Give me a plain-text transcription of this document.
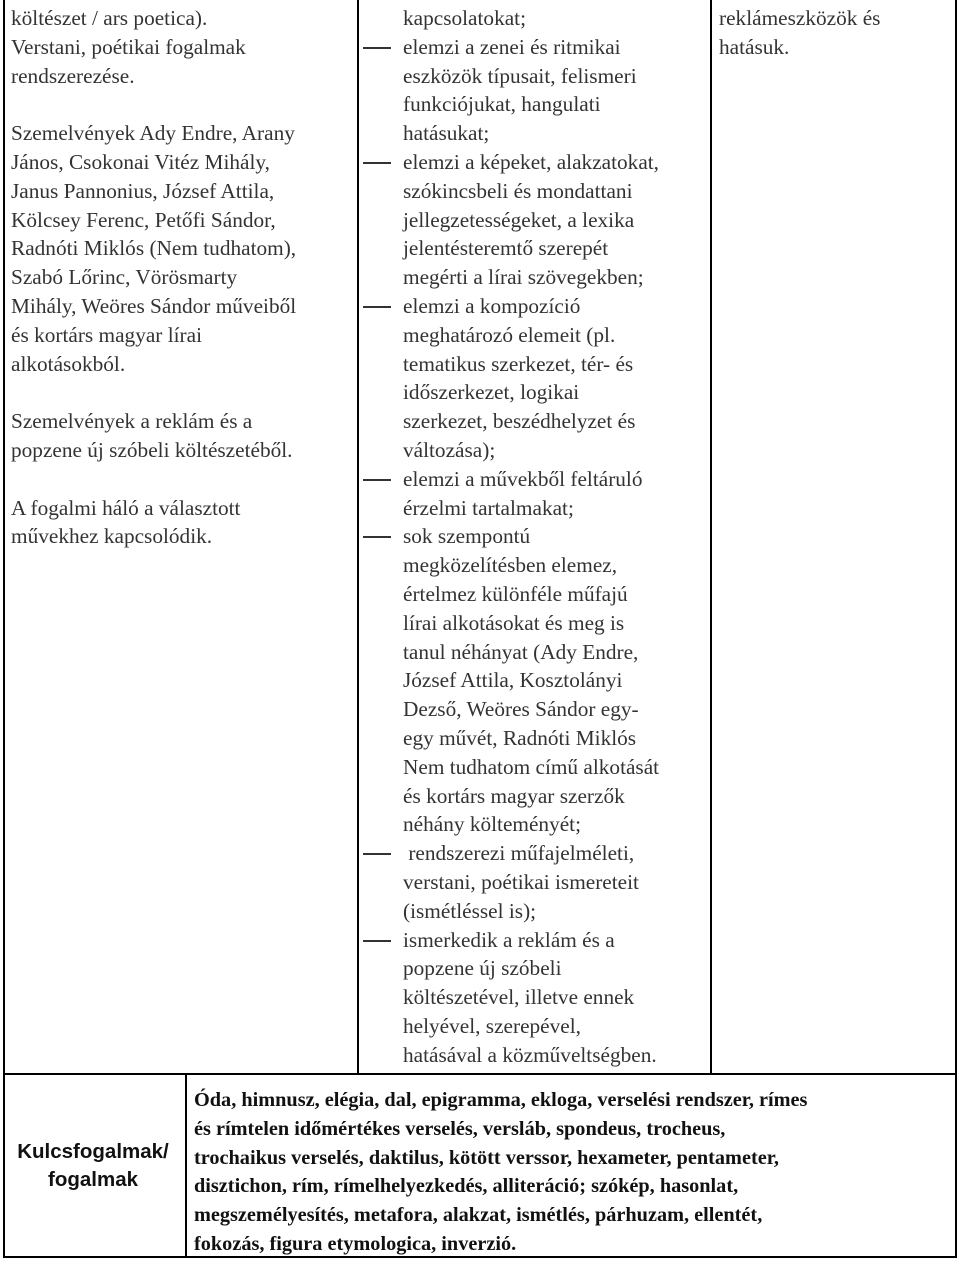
költészet / ars poetica).
Verstani, poétikai fogalmak
rendszerezése.

Szemelvények Ady Endre, Arany
János, Csokonai Vitéz Mihály,
Janus Pannonius, József Attila,
Kölcsey Ferenc, Petőfi Sándor,
Radnóti Miklós (Nem tudhatom),
Szabó Lőrinc, Vörösmarty
Mihály, Weöres Sándor műveiből
és kortárs magyar lírai
alkotásokból.

Szemelvények a reklám és a
popzene új szóbeli költészetéből.

A fogalmi háló a választott
művekhez kapcsolódik.

kapcsolatokat;
elemzi a zenei és ritmikai
eszközök típusait, felismeri
funkciójukat, hangulati
hatásukat;
elemzi a képeket, alakzatokat,
szókincsbeli és mondattani
jellegzetességeket, a lexika
jelentésteremtő szerepét
megérti a lírai szövegekben;
elemzi a kompozíció
meghatározó elemeit (pl.
tematikus szerkezet, tér- és
időszerkezet, logikai
szerkezet, beszédhelyzet és
változása);
elemzi a művekből feltáruló
érzelmi tartalmakat;
sok szempontú
megközelítésben elemez,
értelmez különféle műfajú
lírai alkotásokat és meg is
tanul néhányat (Ady Endre,
József Attila, Kosztolányi
Dezső, Weöres Sándor egy-
egy művét, Radnóti Miklós
Nem tudhatom című alkotását
és kortárs magyar szerzők
néhány költeményét;
rendszerezi műfajelméleti,
verstani, poétikai ismereteit
(ismétléssel is);
ismerkedik a reklám és a
popzene új szóbeli
költészetével, illetve ennek
helyével, szerepével,
hatásával a közműveltségben.
reklámeszközök és
hatásuk.
Kulcsfogalmak/
fogalmak
Óda, himnusz, elégia, dal, epigramma, ekloga, verselési rendszer, rímes
és rímtelen időmértékes verselés, versláb, spondeus, trocheus,
trochaikus verselés, daktilus, kötött verssor, hexameter, pentameter,
disztichon, rím, rímelhelyezkedés, alliteráció; szókép, hasonlat,
megszemélyesítés, metafora, alakzat, ismétlés, párhuzam, ellentét,
fokozás, figura etymologica, inverzió.
